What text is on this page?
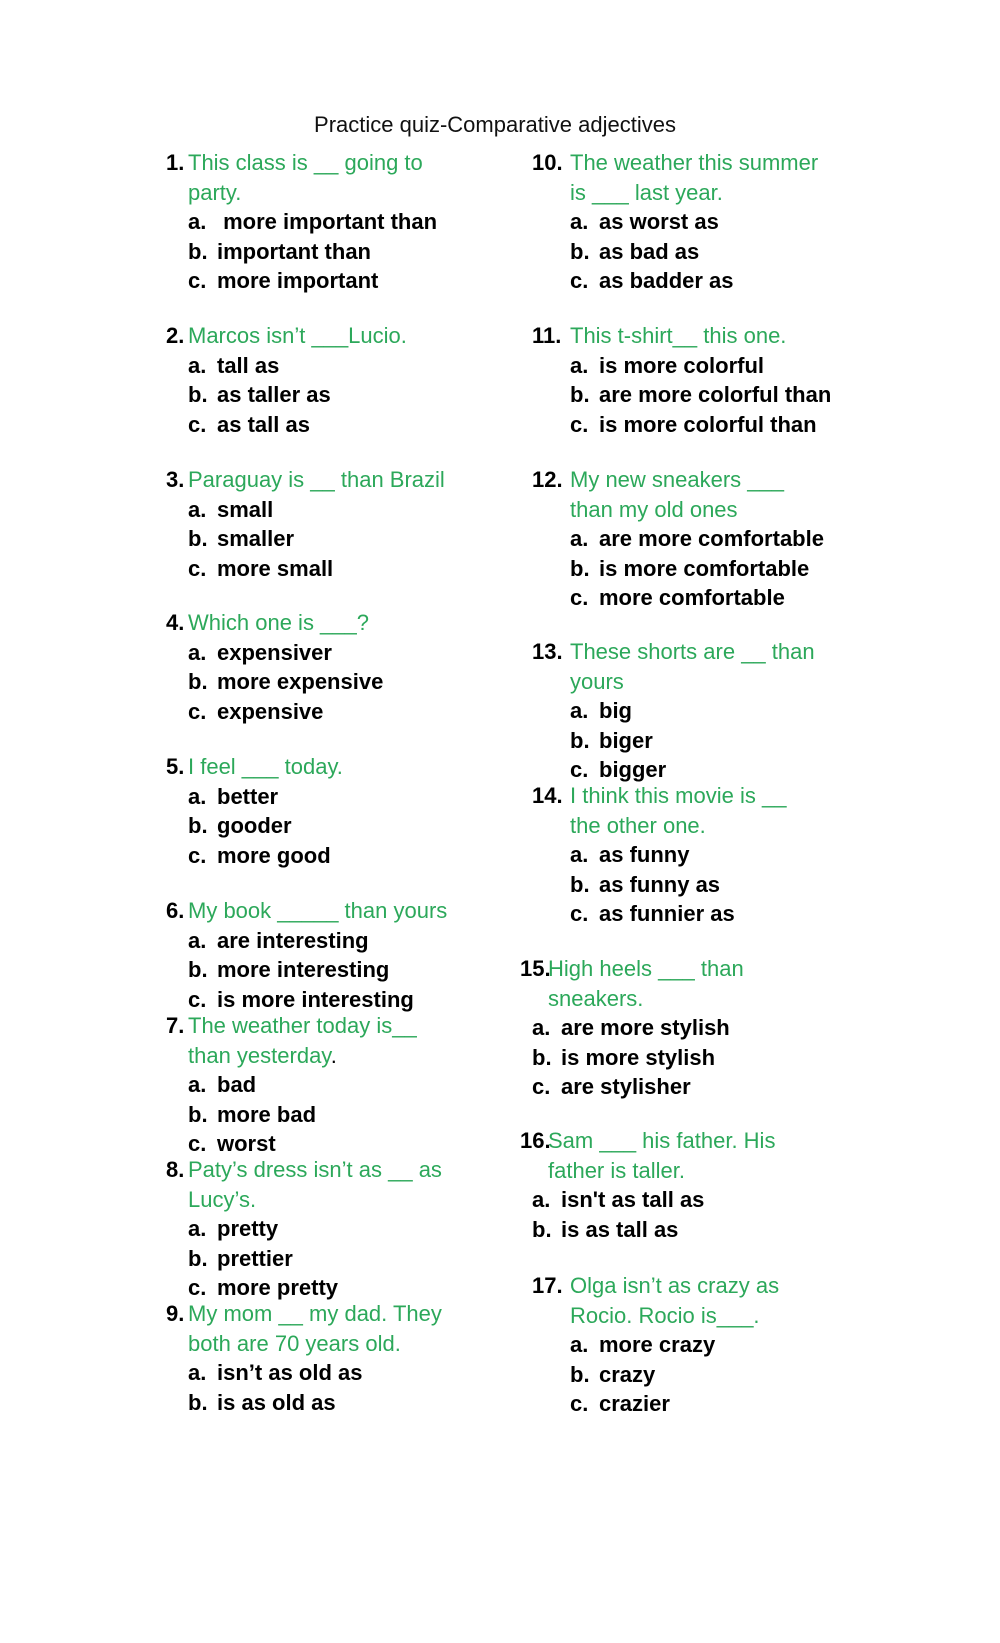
Practice quiz-Comparative adjectives
1. This class is __ going to
party.
a. more important than
b. important than
c. more important
2. Marcos isn’t ___Lucio.
a. tall as
b. as taller as
c. as tall as
3. Paraguay is __ than Brazil
a. small
b. smaller
c. more small
4. Which one is ___?
a. expensiver
b. more expensive
c. expensive
5. I feel ___ today.
a. better
b. gooder
c. more good
6. My book _____ than yours
a. are interesting
b. more interesting
c. is more interesting
7. The weather today is__
than yesterday.
a. bad
b. more bad
c. worst
8. Paty’s dress isn’t as __ as
Lucy’s.
a. pretty
b. prettier
c. more pretty
9. My mom __ my dad. They
both are 70 years old.
a. isn’t as old as
b. is as old as
10. The weather this summer
is ___ last year.
a. as worst as
b. as bad as
c. as badder as
11. This t-shirt__ this one.
a. is more colorful
b. are more colorful than
c. is more colorful than
12. My new sneakers ___
than my old ones
a. are more comfortable
b. is more comfortable
c. more comfortable
13. These shorts are __ than
yours
a. big
b. biger
c. bigger
14. I think this movie is __
the other one.
a. as funny
b. as funny as
c. as funnier as
15.
High heels ___ than
sneakers.
a. are more stylish
b. is more stylish
c. are stylisher
16.
Sam ___ his father. His
father is taller.
a. isn't as tall as
b. is as tall as
17. Olga isn’t as crazy as
Rocio. Rocio is___.
a. more crazy
b. crazy
c. crazier
